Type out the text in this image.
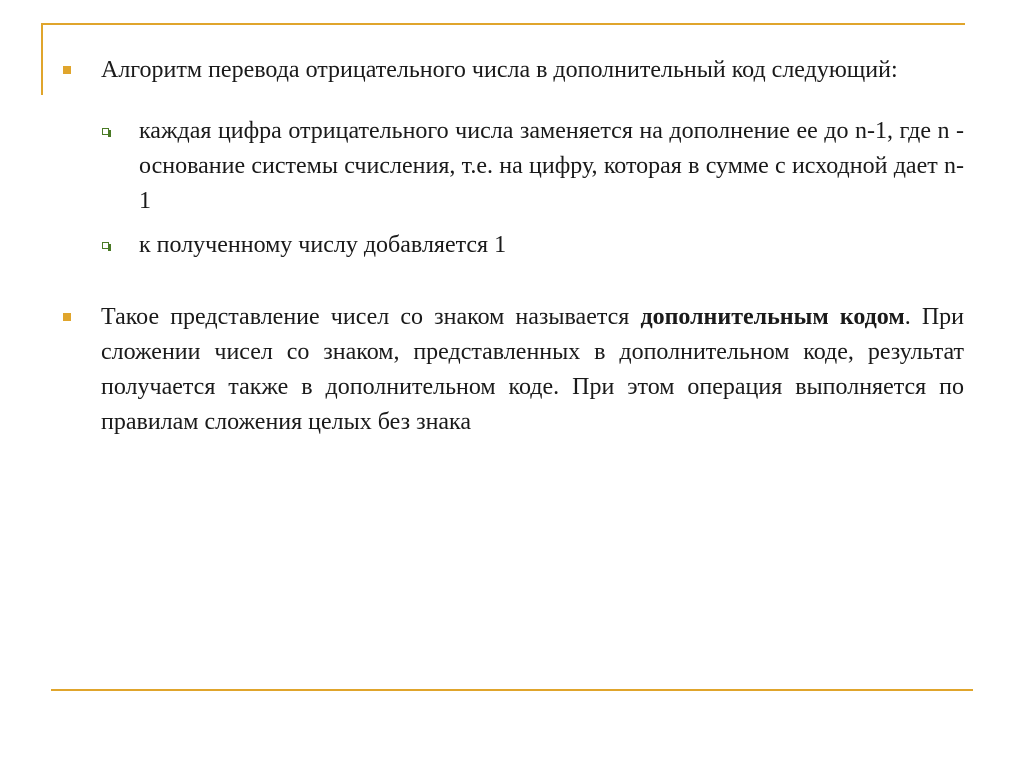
Алгоритм перевода отрицательного числа в дополнительный код следующий:
каждая цифра отрицательного числа заменяется на дополнение ее до n-1, где n - основание системы счисления, т.е. на цифру, которая в сумме с исходной дает n-1
к полученному числу добавляется 1
Такое представление чисел со знаком называется дополнительным кодом. При сложении чисел со знаком, представленных в дополнительном коде, результат получается также в дополнительном коде. При этом операция выполняется по правилам сложения целых без знака
